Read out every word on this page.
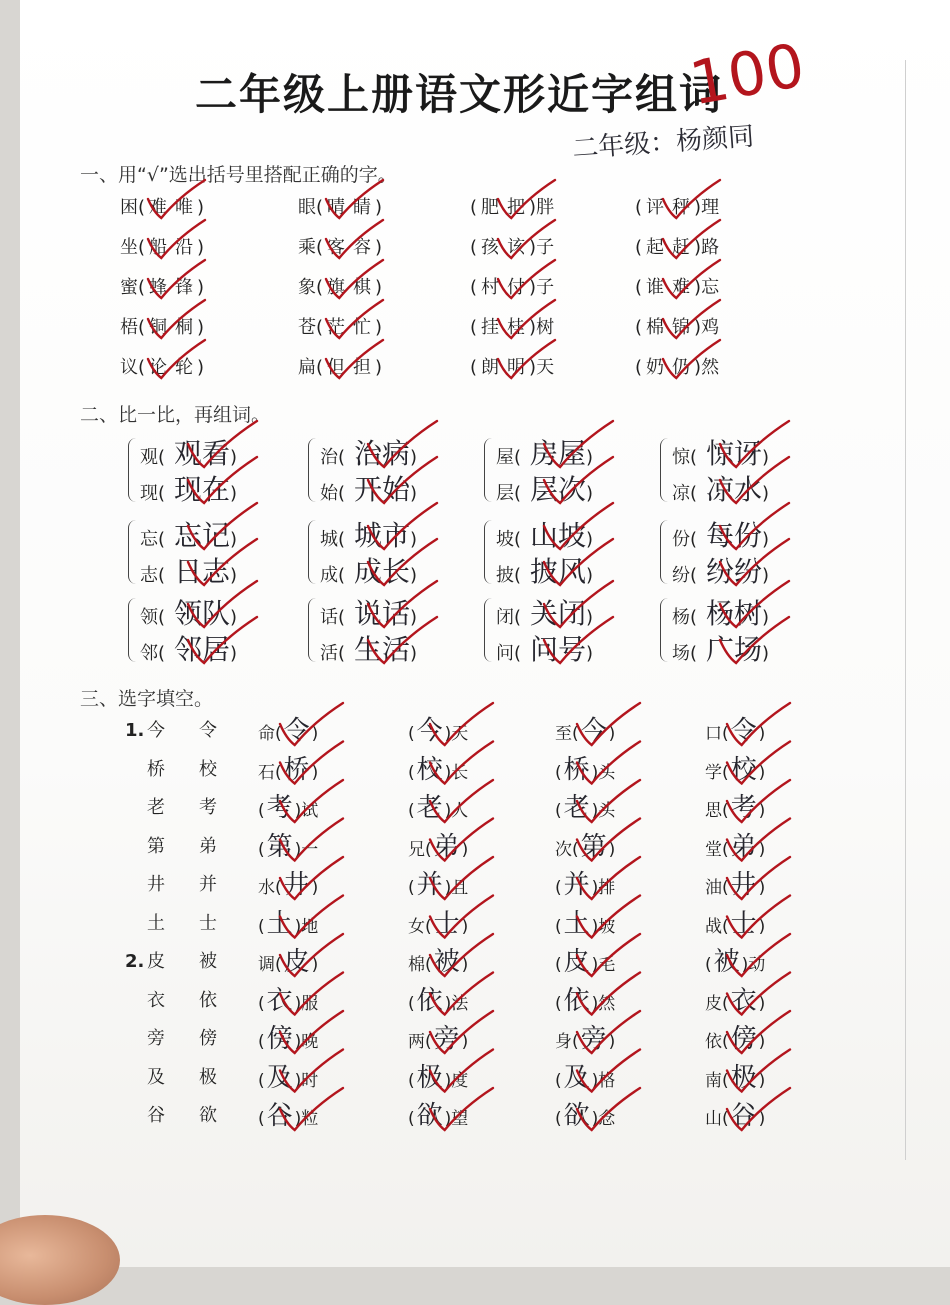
二年级上册语文形近字组词
二年级：杨颜同
100
一、用“√”选出括号里搭配正确的字。
困( 难 唯 )
坐( 船 沿 )
蜜( 蜂 锋 )
梧( 铜 桐 )
议( 论 轮 )
眼( 晴 睛 )
乘( 客 容 )
象( 旗 棋 )
苍( 茫 忙 )
扁( 但 担 )
( 肥 把 )胖
( 孩 该 )子
( 村 付 )子
( 挂 桂 )树
( 朗 明 )天
( 评 秤 )理
( 起 赶 )路
( 谁 难 )忘
( 棉 锦 )鸡
( 奶 仍 )然
二、比一比，再组词。
观( 观看)
现( 现在)
治( 治病)
始( 开始)
屋( 房屋)
层( 层次)
惊( 惊讶)
凉( 凉水)
忘( 忘记)
志( 日志)
城( 城市)
成( 成长)
坡( 山坡)
披( 披风)
份( 每份)
纷( 纷纷)
领( 领队)
邻( 邻居)
话( 说话)
活( 生活)
闭( 关闭)
问( 问号)
杨( 杨树)
场( 广场)
三、选字填空。
1. 今 令	命(令 )	(今 )天	至(今 )	口(令 )
桥 校	石(桥 )	(校 )长	(桥 )头	学(校 )
老 考	(考 )试	(老 )人	(老 )头	思(考 )
第 弟	(第 )一	兄(弟 )	次(第 )	堂(弟 )
井 并	水(井 )	(并 )且	(并 )排	油(井 )
土 士	(土 )地	女(士 )	(土 )坡	战(士 )
2. 皮 被	调(皮 )	棉(被 )	(皮 )毛	(被 )动
衣 依	(衣 )服	(依 )法	(依 )然	皮(衣 )
旁 傍	(傍 )晚	两(旁 )	身(旁 )	依(傍 )
及 极	(及 )时	(极 )度	(及 )格	南(极 )
谷 欲	(谷 )粒	(欲 )望	(欲 )念	山(谷 )
